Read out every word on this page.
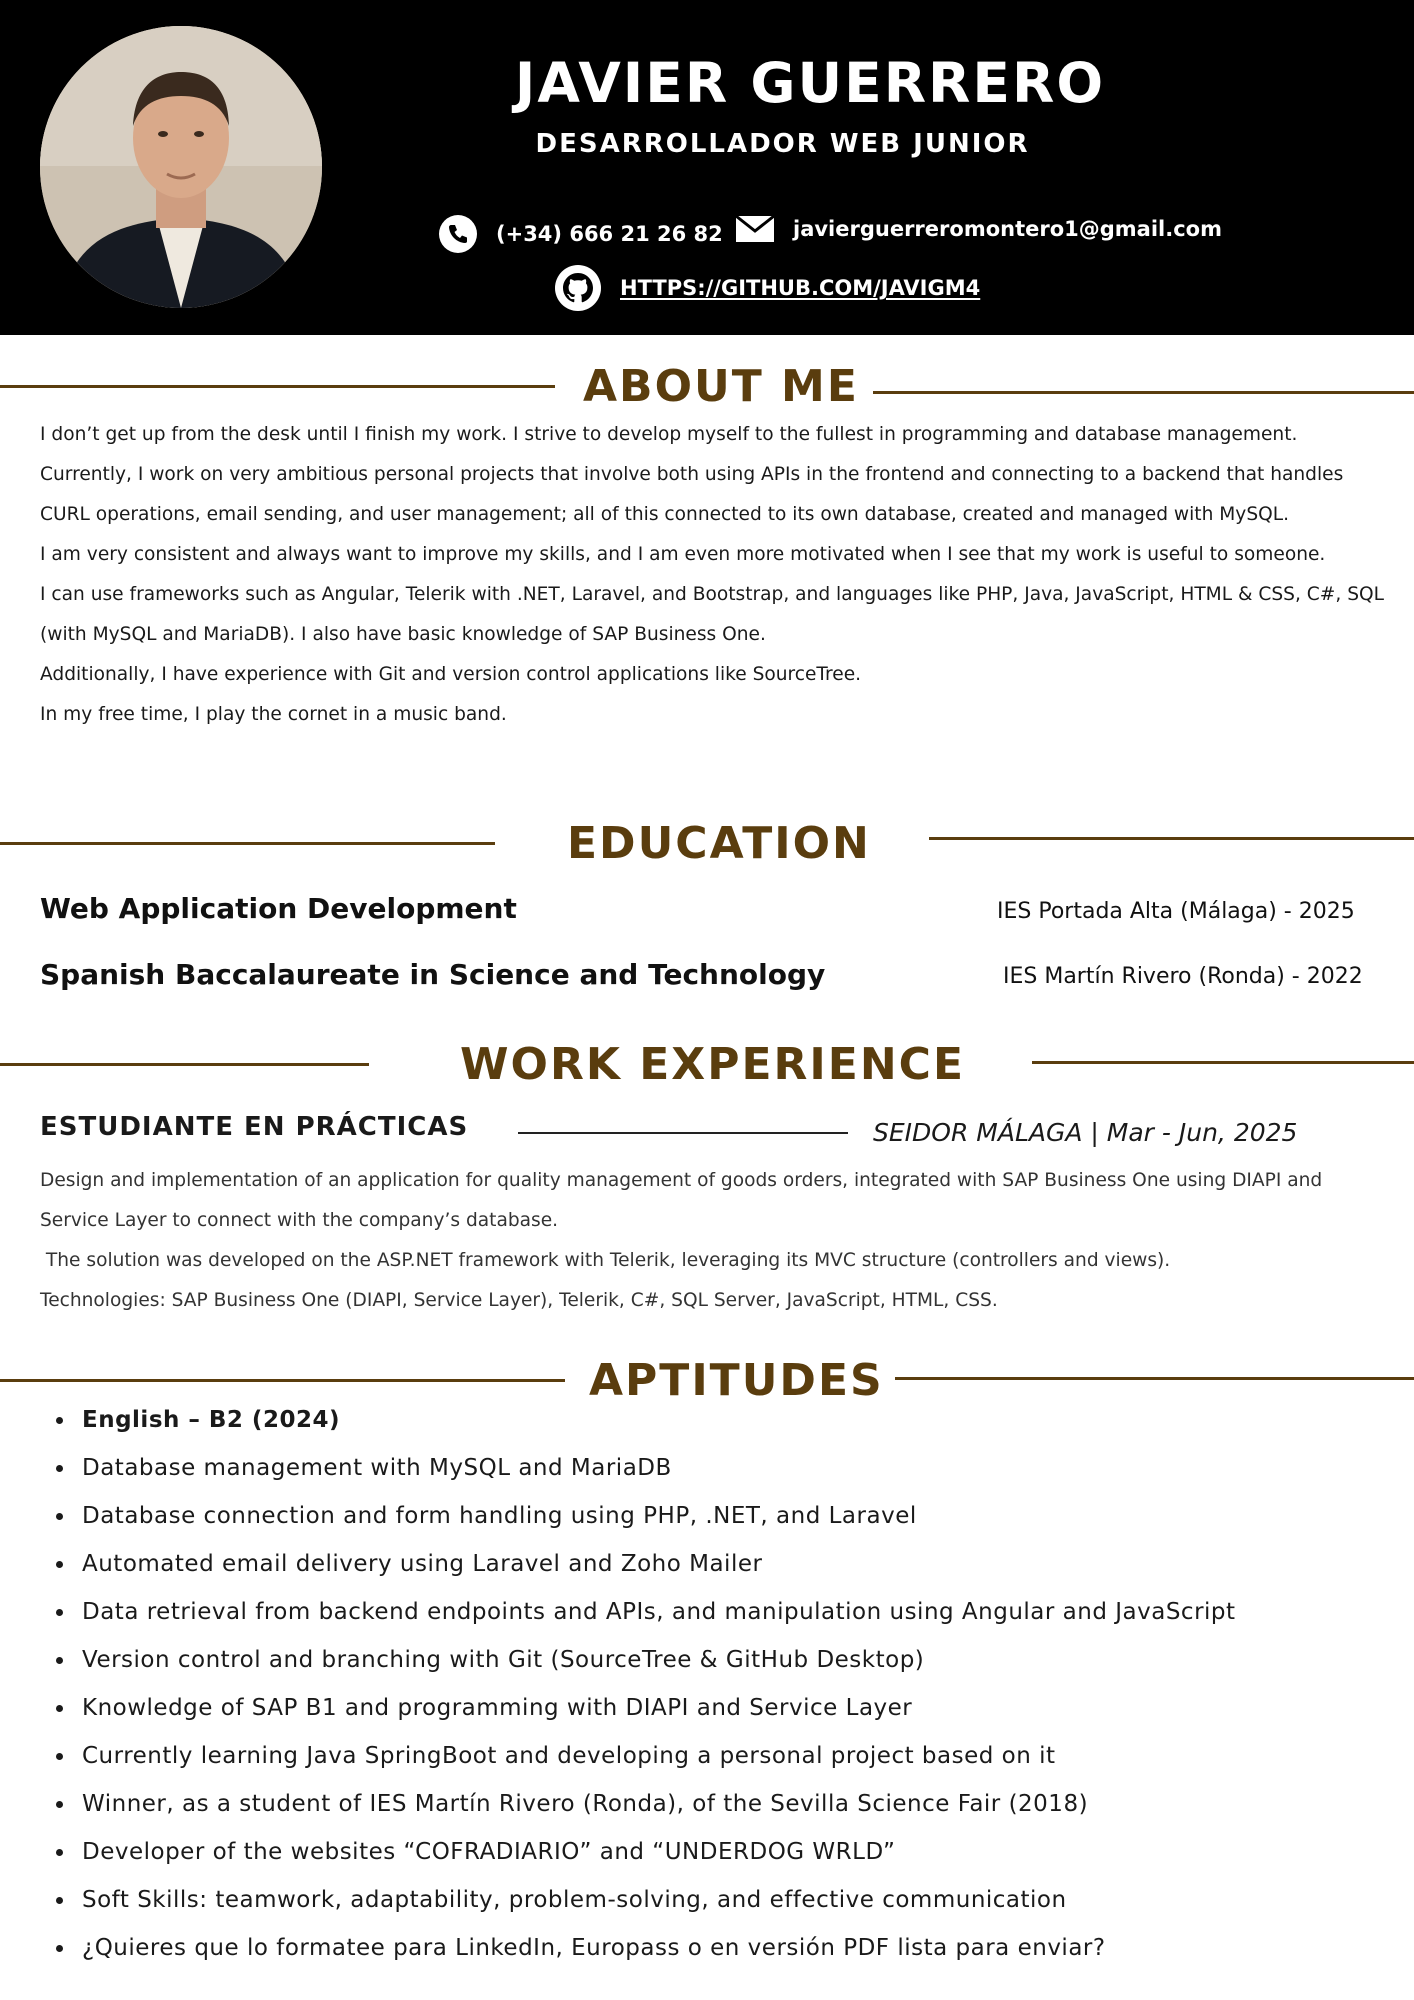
JAVIER GUERRERO
DESARROLLADOR WEB JUNIOR
(+34) 666 21 26 82	javierguerreromontero1@gmail.com
HTTPS://GITHUB.COM/JAVIGM4
ABOUT ME

I don’t get up from the desk until I finish my work. I strive to develop myself to the fullest in programming and database management. Currently, I work on very ambitious personal projects that involve both using APIs in the frontend and connecting to a backend that handles CURL operations, email sending, and user management; all of this connected to its own database, created and managed with MySQL.

I am very consistent and always want to improve my skills, and I am even more motivated when I see that my work is useful to someone.

I can use frameworks such as Angular, Telerik with .NET, Laravel, and Bootstrap, and languages like PHP, Java, JavaScript, HTML & CSS, C#, SQL (with MySQL and MariaDB). I also have basic knowledge of SAP Business One.

Additionally, I have experience with Git and version control applications like SourceTree.

In my free time, I play the cornet in a music band.

EDUCATION
Web Application Development	IES Portada Alta (Málaga) - 2025
Spanish Baccalaureate in Science and Technology	IES Martín Rivero (Ronda) - 2022
WORK EXPERIENCE
ESTUDIANTE EN PRÁCTICAS	SEIDOR MÁLAGA | Mar - Jun, 2025

Design and implementation of an application for quality management of goods orders, integrated with SAP Business One using DIAPI and Service Layer to connect with the company’s database.

The solution was developed on the ASP.NET framework with Telerik, leveraging its MVC structure (controllers and views).

Technologies: SAP Business One (DIAPI, Service Layer), Telerik, C#, SQL Server, JavaScript, HTML, CSS.

APTITUDES
English – B2 (2024)
Database management with MySQL and MariaDB
Database connection and form handling using PHP, .NET, and Laravel
Automated email delivery using Laravel and Zoho Mailer
Data retrieval from backend endpoints and APIs, and manipulation using Angular and JavaScript
Version control and branching with Git (SourceTree & GitHub Desktop)
Knowledge of SAP B1 and programming with DIAPI and Service Layer
Currently learning Java SpringBoot and developing a personal project based on it
Winner, as a student of IES Martín Rivero (Ronda), of the Sevilla Science Fair (2018)
Developer of the websites “COFRADIARIO” and “UNDERDOG WRLD”
Soft Skills: teamwork, adaptability, problem-solving, and effective communication
¿Quieres que lo formatee para LinkedIn, Europass o en versión PDF lista para enviar?
